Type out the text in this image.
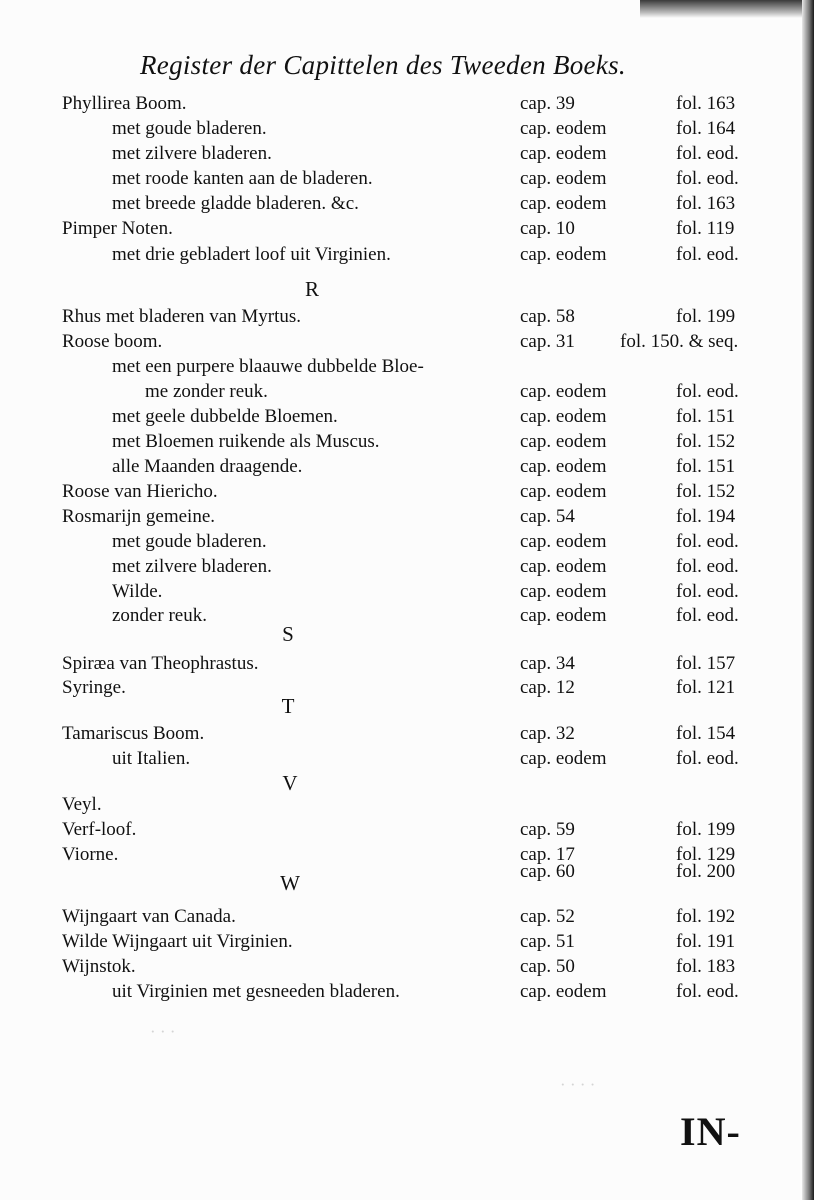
Register der Capittelen des Tweeden Boeks.
Phyllirea Boom.	cap. 39	fol. 163
met goude bladeren.	cap. eodem	fol. 164
met zilvere bladeren.	cap. eodem	fol. eod.
met roode kanten aan de bladeren.	cap. eodem	fol. eod.
met breede gladde bladeren. &c.	cap. eodem	fol. 163
Pimper Noten.	cap. 10	fol. 119
met drie gebladert loof uit Virginien.	cap. eodem	fol. eod.
R
Rhus met bladeren van Myrtus.	cap. 58	fol. 199
Roose boom.	cap. 31 fol. 150. & seq.
met een purpere blaauwe dubbelde Bloe-
me zonder reuk.	cap. eodem	fol. eod.
met geele dubbelde Bloemen.	cap. eodem	fol. 151
met Bloemen ruikende als Muscus.	cap. eodem	fol. 152
alle Maanden draagende.	cap. eodem	fol. 151
Roose van Hiericho.	cap. eodem	fol. 152
Rosmarijn gemeine.	cap. 54	fol. 194
met goude bladeren.	cap. eodem	fol. eod.
met zilvere bladeren.	cap. eodem	fol. eod.
Wilde.	cap. eodem	fol. eod.
zonder reuk.	cap. eodem	fol. eod.
S
Spiræa van Theophrastus.	cap. 34	fol. 157
Syringe.	cap. 12	fol. 121
T
Tamariscus Boom.	cap. 32	fol. 154
uit Italien.	cap. eodem	fol. eod.
V
Veyl.
Verf-loof.	cap. 59	fol. 199
Viorne.	cap. 17	fol. 129
cap. 60	fol. 200
W
Wijngaart van Canada.	cap. 52	fol. 192
Wilde Wijngaart uit Virginien.	cap. 51	fol. 191
Wijnstok.	cap. 50	fol. 183
uit Virginien met gesneeden bladeren.	cap. eodem	fol. eod.
· · ·
· · · ·
IN-
